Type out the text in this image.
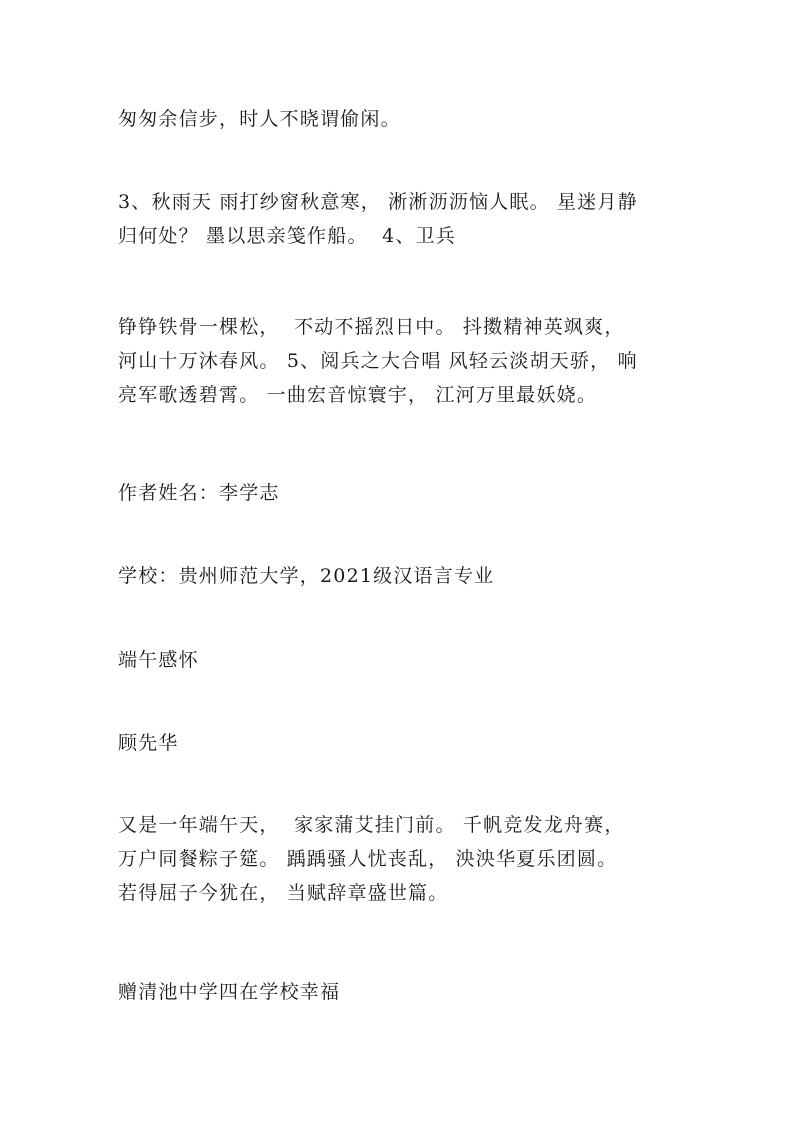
匆匆余信步，时人不晓谓偷闲。

3、秋雨天 雨打纱窗秋意寒， 淅淅沥沥恼人眠。 星迷月静
归何处？ 墨以思亲笺作船。  4、卫兵

铮铮铁骨一棵松，  不动不摇烈日中。 抖擞精神英飒爽，
河山十万沐春风。 5、阅兵之大合唱 风轻云淡胡天骄， 响
亮军歌透碧霄。 一曲宏音惊寰宇， 江河万里最妖娆。

作者姓名：李学志

学校：贵州师范大学，2021级汉语言专业

端午感怀

顾先华

又是一年端午天，  家家蒲艾挂门前。 千帆竞发龙舟赛，
万户同餐粽子筵。 踽踽骚人忧丧乱， 泱泱华夏乐团圆。
若得屈子今犹在， 当赋辞章盛世篇。

赠清池中学四在学校幸福
